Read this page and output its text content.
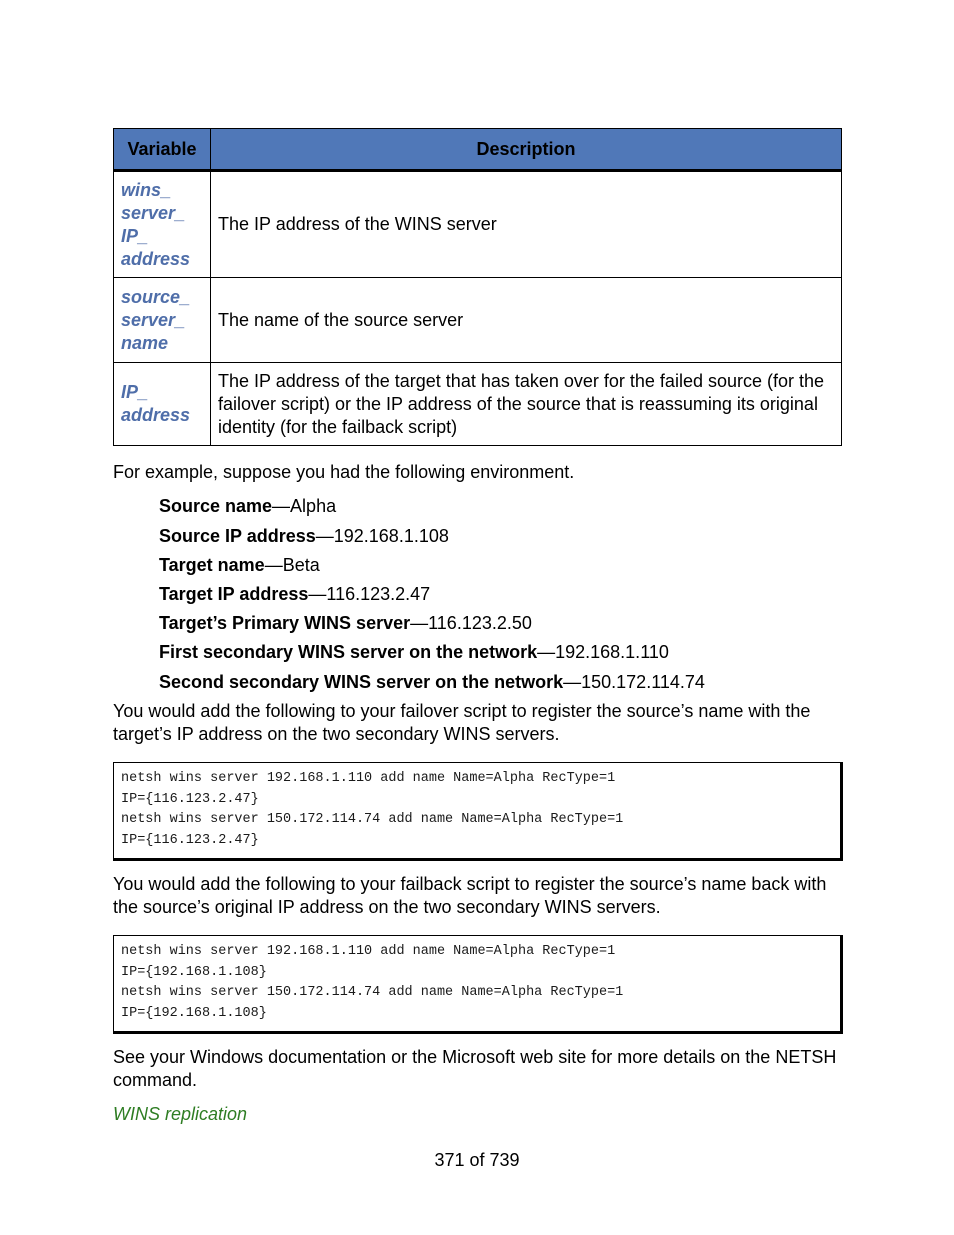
Variable	Description
wins_
server_
IP_
address	The IP address of the WINS server
source_
server_
name	The name of the source server
IP_
address	The IP address of the target that has taken over for the failed source (for the failover script) or the IP address of the source that is reassuming its original identity (for the failback script)
For example, suppose you had the following environment.
Source name—Alpha
Source IP address—192.168.1.108
Target name—Beta
Target IP address—116.123.2.47
Target’s Primary WINS server—116.123.2.50
First secondary WINS server on the network—192.168.1.110
Second secondary WINS server on the network—150.172.114.74
You would add the following to your failover script to register the source’s name with the target’s IP address on the two secondary WINS servers.
netsh wins server 192.168.1.110 add name Name=Alpha RecType=1
IP={116.123.2.47}
netsh wins server 150.172.114.74 add name Name=Alpha RecType=1
IP={116.123.2.47}
You would add the following to your failback script to register the source’s name back with the source’s original IP address on the two secondary WINS servers.
netsh wins server 192.168.1.110 add name Name=Alpha RecType=1
IP={192.168.1.108}
netsh wins server 150.172.114.74 add name Name=Alpha RecType=1
IP={192.168.1.108}
See your Windows documentation or the Microsoft web site for more details on the NETSH command.
WINS replication
371 of 739
